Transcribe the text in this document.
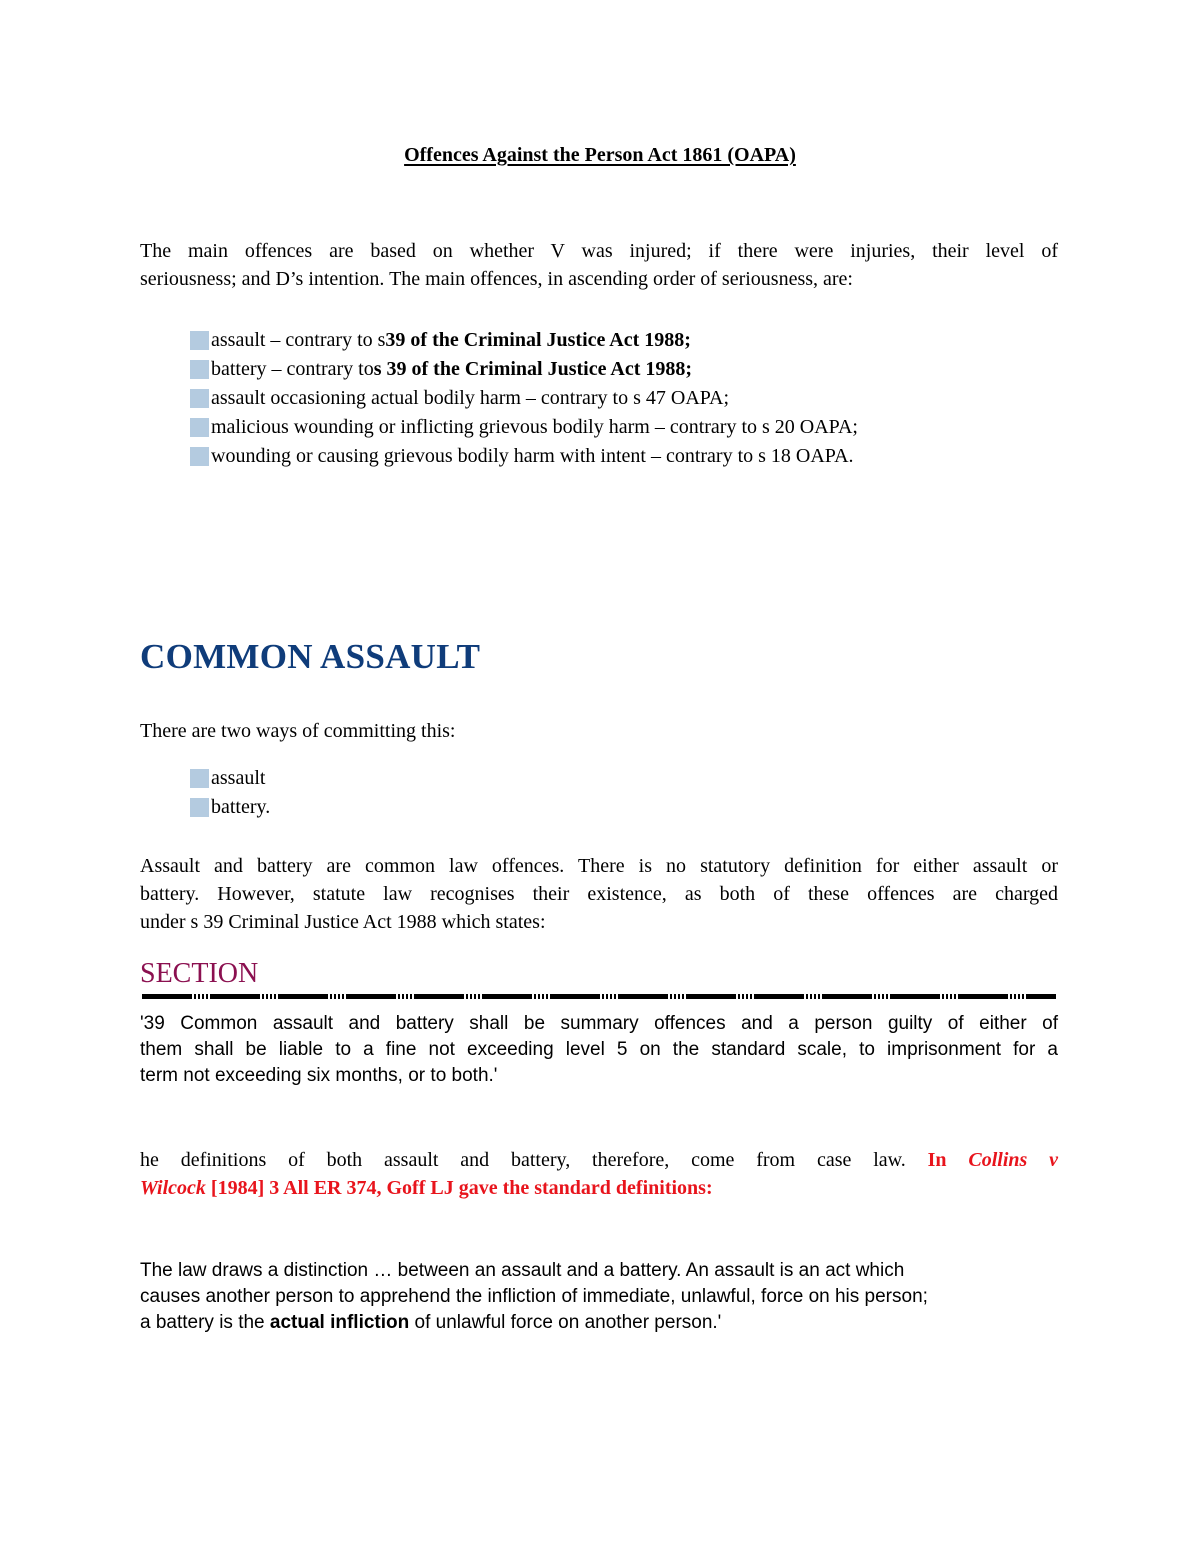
Offences Against the Person Act 1861 (OAPA)
The main offences are based on whether V was injured; if there were injuries, their level of
seriousness; and D’s intention. The main offences, in ascending order of seriousness, are:
assault – contrary to s 39 of the Criminal Justice Act 1988;
battery – contrary to s 39 of the Criminal Justice Act 1988;
assault occasioning actual bodily harm – contrary to s 47 OAPA;
malicious wounding or inflicting grievous bodily harm – contrary to s 20 OAPA;
wounding or causing grievous bodily harm with intent – contrary to s 18 OAPA.
COMMON ASSAULT
There are two ways of committing this:
assault
battery.
Assault and battery are common law offences. There is no statutory definition for either assault or
battery. However, statute law recognises their existence, as both of these offences are charged
under s 39 Criminal Justice Act 1988 which states:
SECTION
'39 Common assault and battery shall be summary offences and a person guilty of either of
them shall be liable to a fine not exceeding level 5 on the standard scale, to imprisonment for a
term not exceeding six months, or to both.'
he definitions of both assault and battery, therefore, come from case law. In Collins v
Wilcock [1984] 3 All ER 374, Goff LJ gave the standard definitions:
The law draws a distinction … between an assault and a battery. An assault is an act which
causes another person to apprehend the infliction of immediate, unlawful, force on his person;
a battery is the actual infliction of unlawful force on another person.'
